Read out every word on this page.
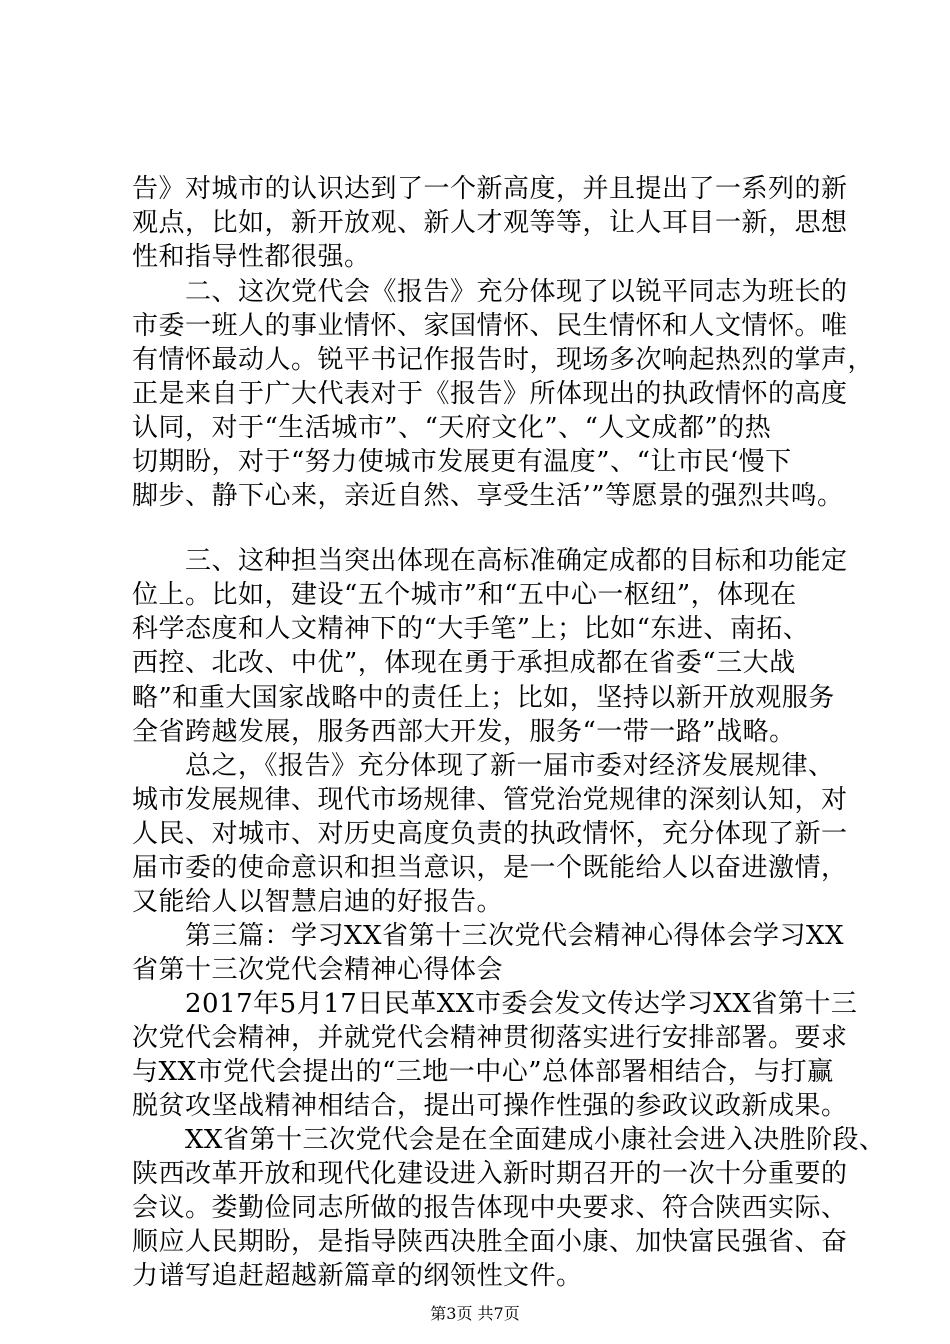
告》对城市的认识达到了一个新高度，并且提出了一系列的新

观点，比如，新开放观、新人才观等等，让人耳目一新，思想

性和指导性都很强。

　　二、这次党代会《报告》充分体现了以锐平同志为班长的

市委一班人的事业情怀、家国情怀、民生情怀和人文情怀。唯

有情怀最动人。锐平书记作报告时，现场多次响起热烈的掌声，

正是来自于广大代表对于《报告》所体现出的执政情怀的高度

认同，对于“生活城市”、“天府文化”、“人文成都”的热

切期盼，对于“努力使城市发展更有温度”、“让市民‘慢下

脚步、静下心来，亲近自然、享受生活’”等愿景的强烈共鸣。

　　三、这种担当突出体现在高标准确定成都的目标和功能定

位上。比如，建设“五个城市”和“五中心一枢纽”，体现在

科学态度和人文精神下的“大手笔”上；比如“东进、南拓、

西控、北改、中优”，体现在勇于承担成都在省委“三大战

略”和重大国家战略中的责任上；比如，坚持以新开放观服务

全省跨越发展，服务西部大开发，服务“一带一路”战略。

　　总之，《报告》充分体现了新一届市委对经济发展规律、

城市发展规律、现代市场规律、管党治党规律的深刻认知，对

人民、对城市、对历史高度负责的执政情怀，充分体现了新一

届市委的使命意识和担当意识，是一个既能给人以奋进激情，

又能给人以智慧启迪的好报告。

　　第三篇：学习XX省第十三次党代会精神心得体会学习XX

省第十三次党代会精神心得体会

　　2017年5月17日民革XX市委会发文传达学习XX省第十三

次党代会精神，并就党代会精神贯彻落实进行安排部署。要求

与XX市党代会提出的“三地一中心”总体部署相结合，与打赢

脱贫攻坚战精神相结合，提出可操作性强的参政议政新成果。

　　XX省第十三次党代会是在全面建成小康社会进入决胜阶段、

陕西改革开放和现代化建设进入新时期召开的一次十分重要的

会议。娄勤俭同志所做的报告体现中央要求、符合陕西实际、

顺应人民期盼，是指导陕西决胜全面小康、加快富民强省、奋

力谱写追赶超越新篇章的纲领性文件。

第3页 共7页
